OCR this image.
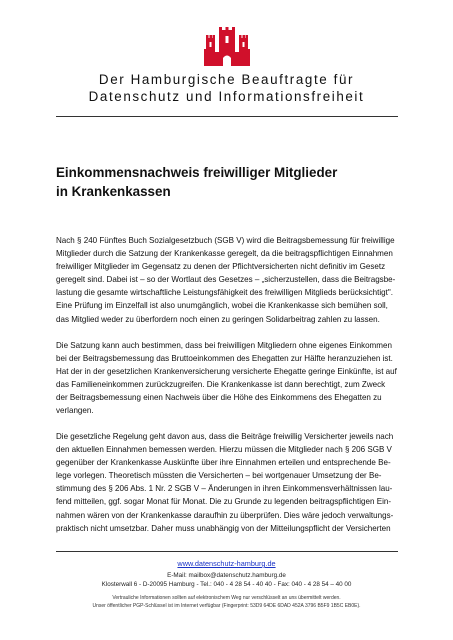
Der Hamburgische Beauftragte für
Datenschutz und Informationsfreiheit
Einkommensnachweis freiwilliger Mitglieder
in Krankenkassen
Nach § 240 Fünftes Buch Sozialgesetzbuch (SGB V) wird die Beitragsbemessung für freiwillige
Mitglieder durch die Satzung der Krankenkasse geregelt, da die beitragspflichtigen Einnahmen
freiwilliger Mitglieder im Gegensatz zu denen der Pflichtversicherten nicht definitiv im Gesetz
geregelt sind. Dabei ist – so der Wortlaut des Gesetzes – „sicherzustellen, dass die Beitragsbe-
lastung die gesamte wirtschaftliche Leistungsfähigkeit des freiwilligen Mitglieds berücksichtigt".
Eine Prüfung im Einzelfall ist also unumgänglich, wobei die Krankenkasse sich bemühen soll,
das Mitglied weder zu überfordern noch einen zu geringen Solidarbeitrag zahlen zu lassen.
Die Satzung kann auch bestimmen, dass bei freiwilligen Mitgliedern ohne eigenes Einkommen
bei der Beitragsbemessung das Bruttoeinkommen des Ehegatten zur Hälfte heranzuziehen ist.
Hat der in der gesetzlichen Krankenversicherung versicherte Ehegatte geringe Einkünfte, ist auf
das Familieneinkommen zurückzugreifen. Die Krankenkasse ist dann berechtigt, zum Zweck
der Beitragsbemessung einen Nachweis über die Höhe des Einkommens des Ehegatten zu
verlangen.
Die gesetzliche Regelung geht davon aus, dass die Beiträge freiwillig Versicherter jeweils nach
den aktuellen Einnahmen bemessen werden. Hierzu müssen die Mitglieder nach § 206 SGB V
gegenüber der Krankenkasse Auskünfte über ihre Einnahmen erteilen und entsprechende Be-
lege vorlegen. Theoretisch müssten die Versicherten – bei wortgenauer Umsetzung der Be-
stimmung des § 206 Abs. 1 Nr. 2 SGB V – Änderungen in ihren Einkommensverhältnissen lau-
fend mitteilen, ggf. sogar Monat für Monat. Die zu Grunde zu legenden beitragspflichtigen Ein-
nahmen wären von der Krankenkasse daraufhin zu überprüfen. Dies wäre jedoch verwaltungs-
praktisch nicht umsetzbar. Daher muss unabhängig von der Mitteilungspflicht der Versicherten
www.datenschutz-hamburg.de
E-Mail: mailbox@datenschutz.hamburg.de
Klosterwall 6 - D-20095 Hamburg - Tel.: 040 - 4 28 54 - 40 40 - Fax: 040 - 4 28 54 – 40 00
Vertrauliche Informationen sollten auf elektronischem Weg nur verschlüsselt an uns übermittelt werden.
Unser öffentlicher PGP-Schlüssel ist im Internet verfügbar (Fingerprint: 53D9 64DE 6DAD 452A 3796 B5F9 1B5C EB0E).
